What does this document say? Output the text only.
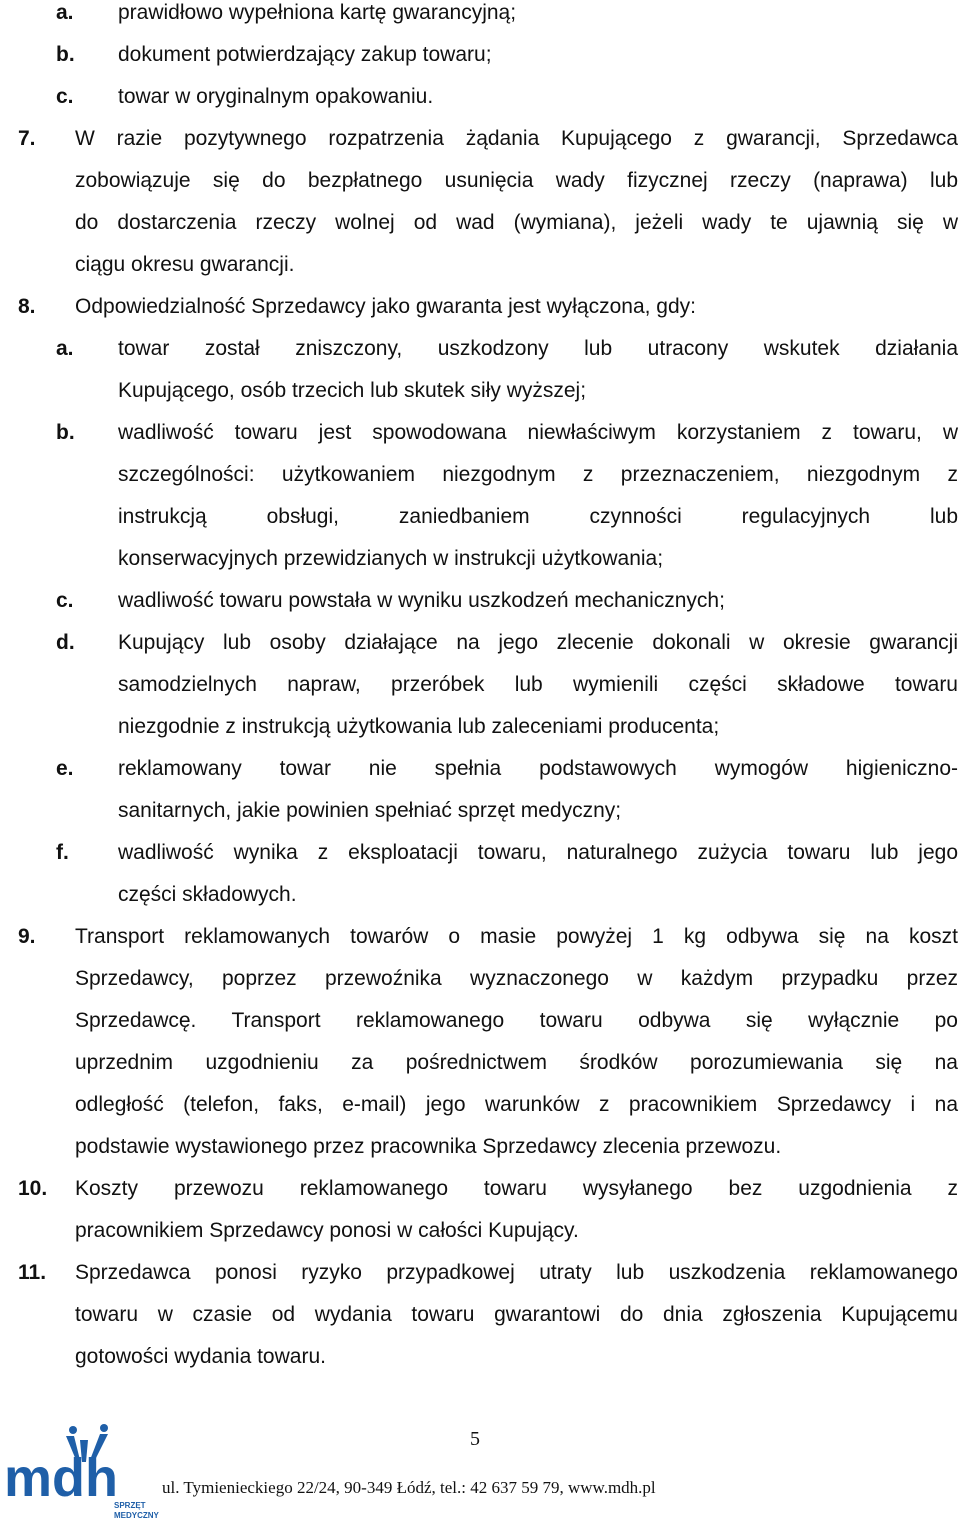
a. prawidłowo wypełniona kartę gwarancyjną;
b. dokument potwierdzający zakup towaru;
c. towar w oryginalnym opakowaniu.
7. W razie pozytywnego rozpatrzenia żądania Kupującego z gwarancji, Sprzedawca
zobowiązuje się do bezpłatnego usunięcia wady fizycznej rzeczy (naprawa) lub
do dostarczenia rzeczy wolnej od wad (wymiana), jeżeli wady te ujawnią się w
ciągu okresu gwarancji.
8. Odpowiedzialność Sprzedawcy jako gwaranta jest wyłączona, gdy:
a. towar został zniszczony, uszkodzony lub utracony wskutek działania
Kupującego, osób trzecich lub skutek siły wyższej;
b. wadliwość towaru jest spowodowana niewłaściwym korzystaniem z towaru, w
szczególności: użytkowaniem niezgodnym z przeznaczeniem, niezgodnym z
instrukcją obsługi, zaniedbaniem czynności regulacyjnych lub
konserwacyjnych przewidzianych w instrukcji użytkowania;
c. wadliwość towaru powstała w wyniku uszkodzeń mechanicznych;
d. Kupujący lub osoby działające na jego zlecenie dokonali w okresie gwarancji
samodzielnych napraw, przeróbek lub wymienili części składowe towaru
niezgodnie z instrukcją użytkowania lub zaleceniami producenta;
e. reklamowany towar nie spełnia podstawowych wymogów higieniczno-
sanitarnych, jakie powinien spełniać sprzęt medyczny;
f. wadliwość wynika z eksploatacji towaru, naturalnego zużycia towaru lub jego
części składowych.
9. Transport reklamowanych towarów o masie powyżej 1 kg odbywa się na koszt
Sprzedawcy, poprzez przewoźnika wyznaczonego w każdym przypadku przez
Sprzedawcę. Transport reklamowanego towaru odbywa się wyłącznie po
uprzednim uzgodnieniu za pośrednictwem środków porozumiewania się na
odległość (telefon, faks, e-mail) jego warunków z pracownikiem Sprzedawcy i na
podstawie wystawionego przez pracownika Sprzedawcy zlecenia przewozu.
10. Koszty przewozu reklamowanego towaru wysyłanego bez uzgodnienia z
pracownikiem Sprzedawcy ponosi w całości Kupujący.
11. Sprzedawca ponosi ryzyko przypadkowej utraty lub uszkodzenia reklamowanego
towaru w czasie od wydania towaru gwarantowi do dnia zgłoszenia Kupującemu
gotowości wydania towaru.
5
mdh
SPRZĘT
MEDYCZNY
ul. Tymienieckiego 22/24, 90-349 Łódź, tel.: 42 637 59 79, www.mdh.pl
